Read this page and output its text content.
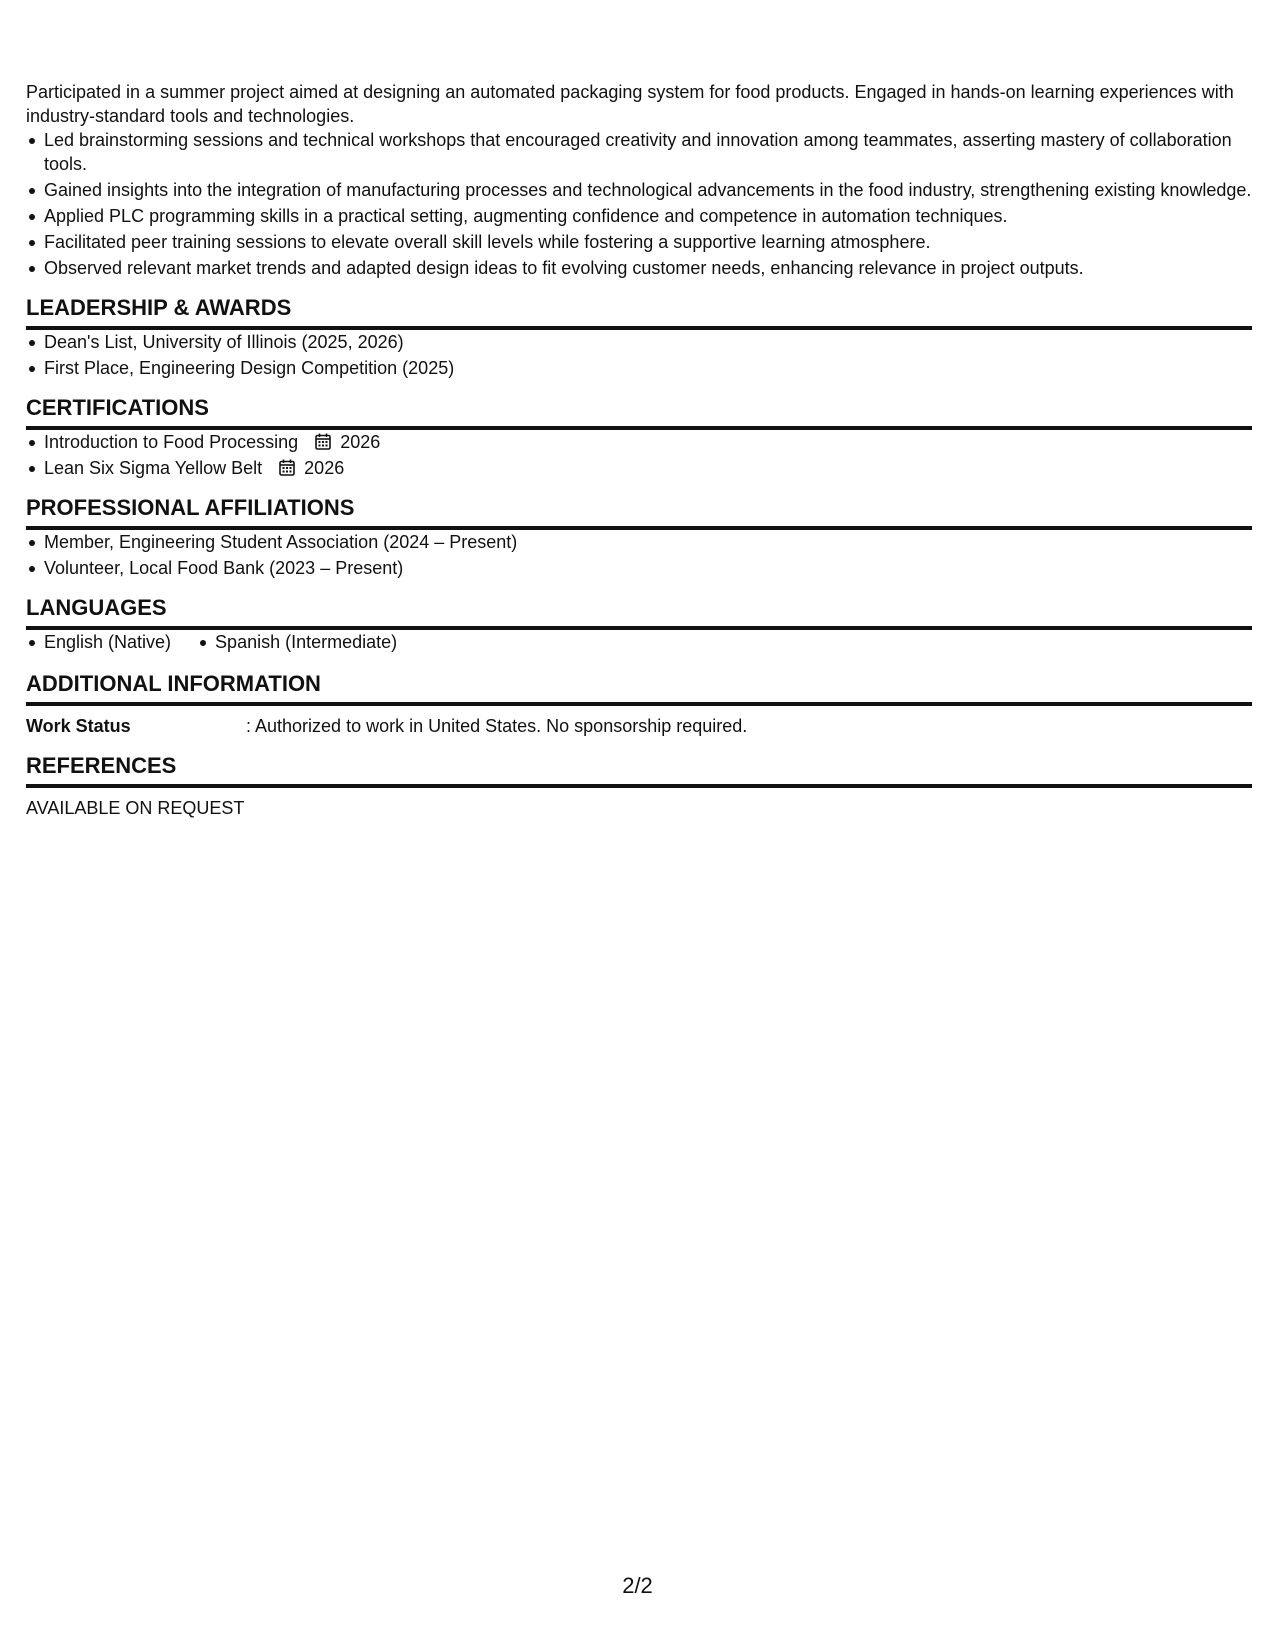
Participated in a summer project aimed at designing an automated packaging system for food products. Engaged in hands-on learning experiences with industry-standard tools and technologies.

Led brainstorming sessions and technical workshops that encouraged creativity and innovation among teammates, asserting mastery of collaboration tools.
Gained insights into the integration of manufacturing processes and technological advancements in the food industry, strengthening existing knowledge.
Applied PLC programming skills in a practical setting, augmenting confidence and competence in automation techniques.
Facilitated peer training sessions to elevate overall skill levels while fostering a supportive learning atmosphere.
Observed relevant market trends and adapted design ideas to fit evolving customer needs, enhancing relevance in project outputs.
LEADERSHIP & AWARDS
Dean's List, University of Illinois (2025, 2026)
First Place, Engineering Design Competition (2025)
CERTIFICATIONS
Introduction to Food Processing 2026
Lean Six Sigma Yellow Belt 2026
PROFESSIONAL AFFILIATIONS
Member, Engineering Student Association (2024 – Present)
Volunteer, Local Food Bank (2023 – Present)
LANGUAGES
English (Native) Spanish (Intermediate)
ADDITIONAL INFORMATION
Work Status	: Authorized to work in United States. No sponsorship required.
REFERENCES
AVAILABLE ON REQUEST
2/2
